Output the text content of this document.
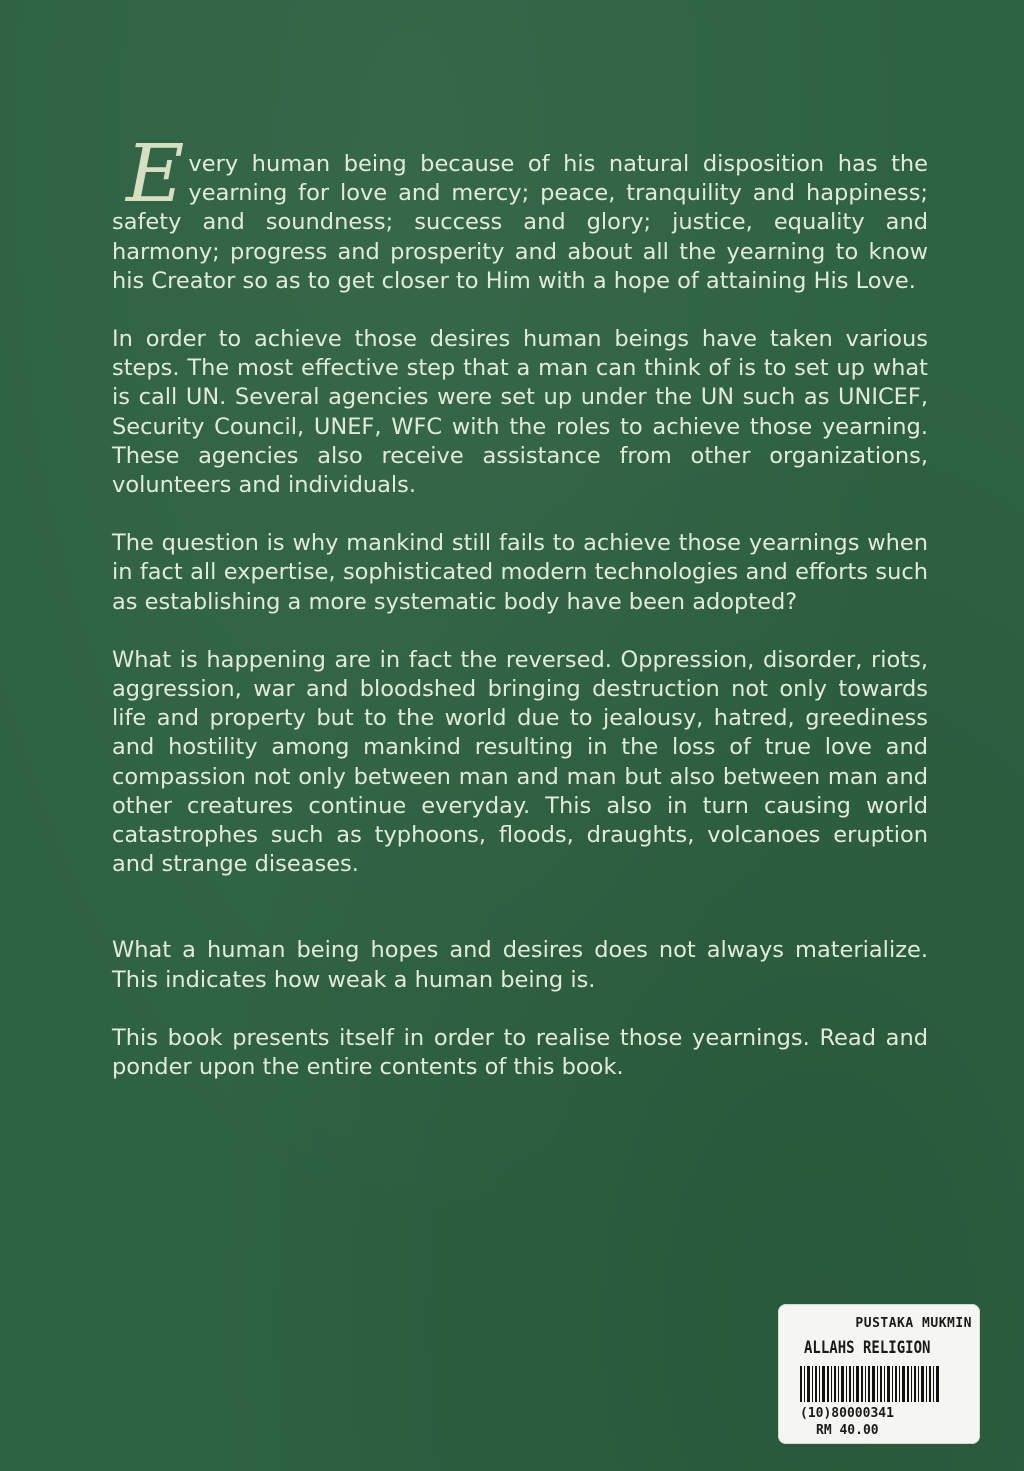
Every human being because of his natural disposition has the yearning for love and mercy; peace, tranquility and happiness; safety and soundness; success and glory; justice, equality and harmony; progress and prosperity and about all the yearning to know his Creator so as to get closer to Him with a hope of attaining His Love.

In order to achieve those desires human beings have taken various steps. The most effective step that a man can think of is to set up what is call UN. Several agencies were set up under the UN such as UNICEF, Security Council, UNEF, WFC with the roles to achieve those yearning. These agencies also receive assistance from other organizations, volunteers and individuals.

The question is why mankind still fails to achieve those yearnings when in fact all expertise, sophisticated modern technologies and efforts such as establishing a more systematic body have been adopted?

What is happening are in fact the reversed. Oppression, disorder, riots, aggression, war and bloodshed bringing destruction not only towards life and property but to the world due to jealousy, hatred, greediness and hostility among mankind resulting in the loss of true love and compassion not only between man and man but also between man and other creatures continue everyday. This also in turn causing world catastrophes such as typhoons, floods, draughts, volcanoes eruption and strange diseases.

What a human being hopes and desires does not always materialize. This indicates how weak a human being is.

This book presents itself in order to realise those yearnings. Read and ponder upon the entire contents of this book.

PUSTAKA MUKMIN
ALLAHS RELIGION
(10)80000341
RM 40.00
